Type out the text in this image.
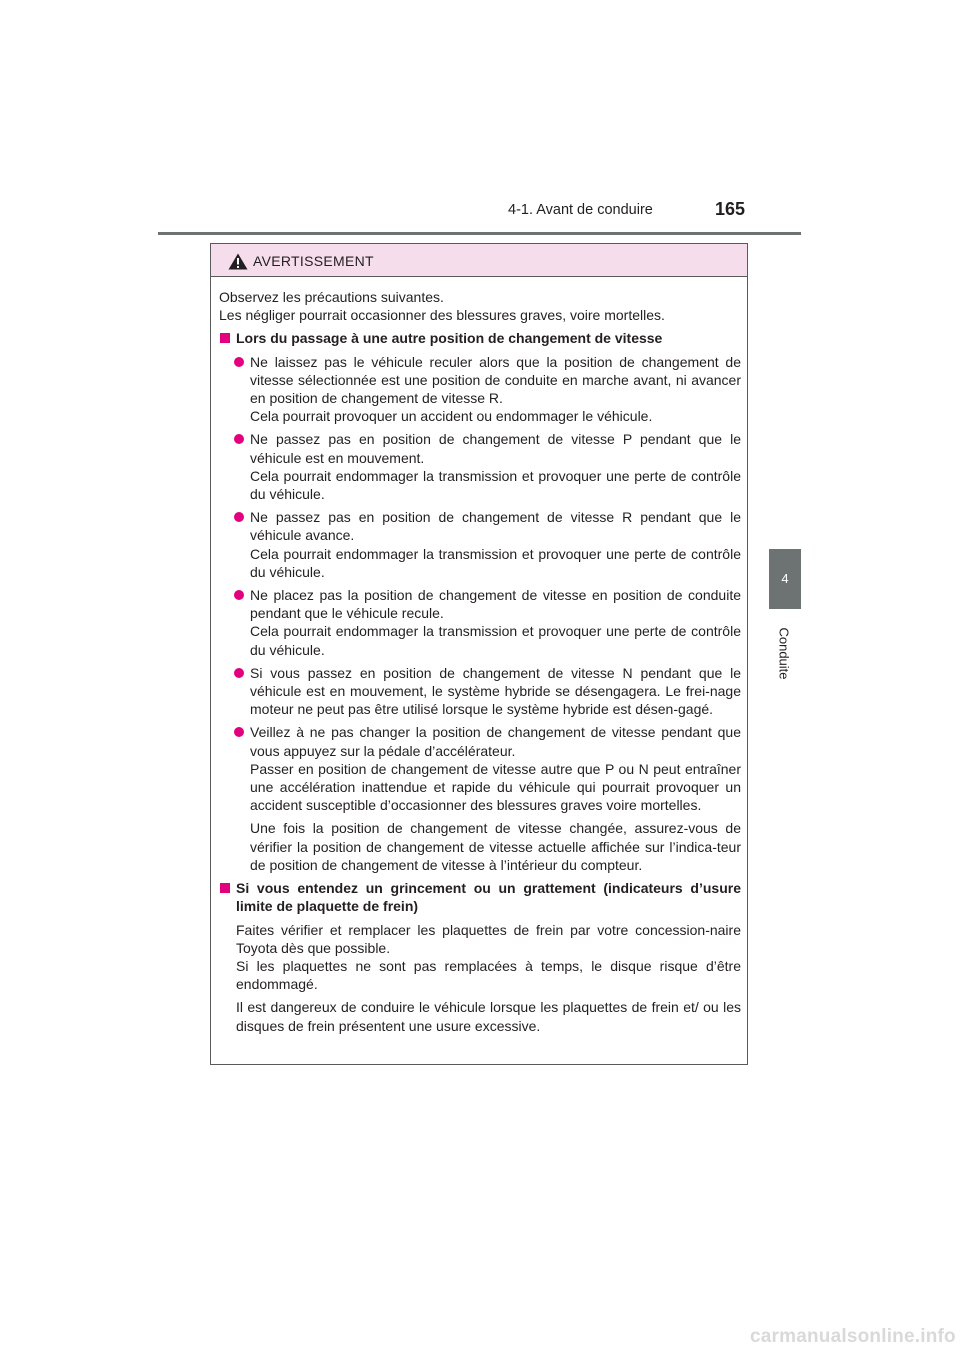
4-1. Avant de conduire	165
4
Conduite
AVERTISSEMENT

Observez les précautions suivantes.

Les négliger pourrait occasionner des blessures graves, voire mortelles.

Lors du passage à une autre position de changement de vitesse

Ne laissez pas le véhicule reculer alors que la position de changement de vitesse sélectionnée est une position de conduite en marche avant, ni avancer en position de changement de vitesse R.

Cela pourrait provoquer un accident ou endommager le véhicule.

Ne passez pas en position de changement de vitesse P pendant que le véhicule est en mouvement.

Cela pourrait endommager la transmission et provoquer une perte de contrôle du véhicule.

Ne passez pas en position de changement de vitesse R pendant que le véhicule avance.

Cela pourrait endommager la transmission et provoquer une perte de contrôle du véhicule.

Ne placez pas la position de changement de vitesse en position de conduite pendant que le véhicule recule.

Cela pourrait endommager la transmission et provoquer une perte de contrôle du véhicule.

Si vous passez en position de changement de vitesse N pendant que le véhicule est en mouvement, le système hybride se désengagera. Le frei-nage moteur ne peut pas être utilisé lorsque le système hybride est désen-gagé.

Veillez à ne pas changer la position de changement de vitesse pendant que vous appuyez sur la pédale d’accélérateur.

Passer en position de changement de vitesse autre que P ou N peut entraîner une accélération inattendue et rapide du véhicule qui pourrait provoquer un accident susceptible d’occasionner des blessures graves voire mortelles.

Une fois la position de changement de vitesse changée, assurez-vous de vérifier la position de changement de vitesse actuelle affichée sur l’indica-teur de position de changement de vitesse à l’intérieur du compteur.

Si vous entendez un grincement ou un grattement (indicateurs d’usure limite de plaquette de frein)

Faites vérifier et remplacer les plaquettes de frein par votre concession-naire Toyota dès que possible.
Si les plaquettes ne sont pas remplacées à temps, le disque risque d’être endommagé.

Il est dangereux de conduire le véhicule lorsque les plaquettes de frein et/ ou les disques de frein présentent une usure excessive.

carmanualsonline.info
